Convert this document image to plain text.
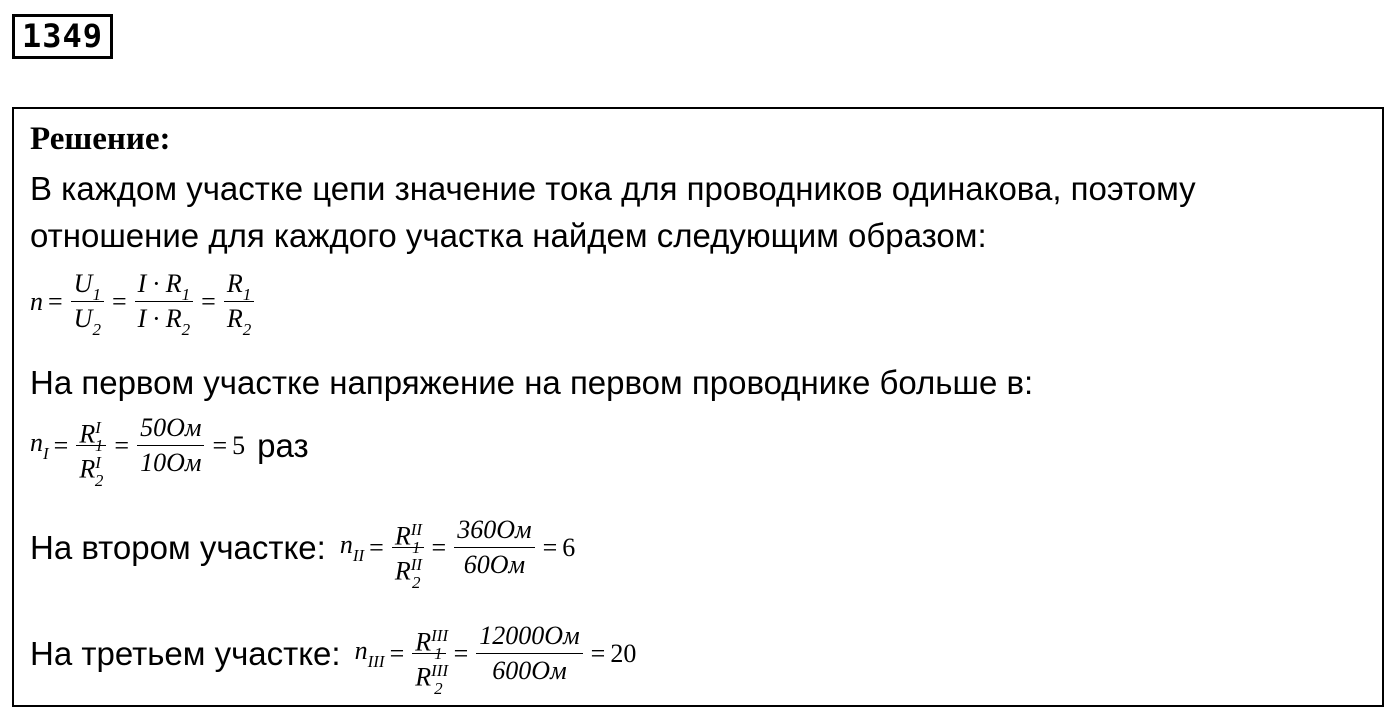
1349
Решение:
В каждом участке цепи значение тока для проводников одинакова, поэтому
отношение для каждого участка найдем следующим образом:
$n = \frac{U_1}{U_2} = \frac{I \cdot R_1}{I \cdot R_2} = \frac{R_1}{R_2}$
На первом участке напряжение на первом проводнике больше в:
$n_I = \frac{R^I_1}{R^I_2} = \frac{50Ом}{10Ом} = 5$ раз
На втором участке: $n_{II} = \frac{R^{II}_1}{R^{II}_2} = \frac{360Ом}{60Ом} = 6$
На третьем участке: $n_{III} = \frac{R^{III}_1}{R^{III}_2} = \frac{12000Ом}{600Ом} = 20$
